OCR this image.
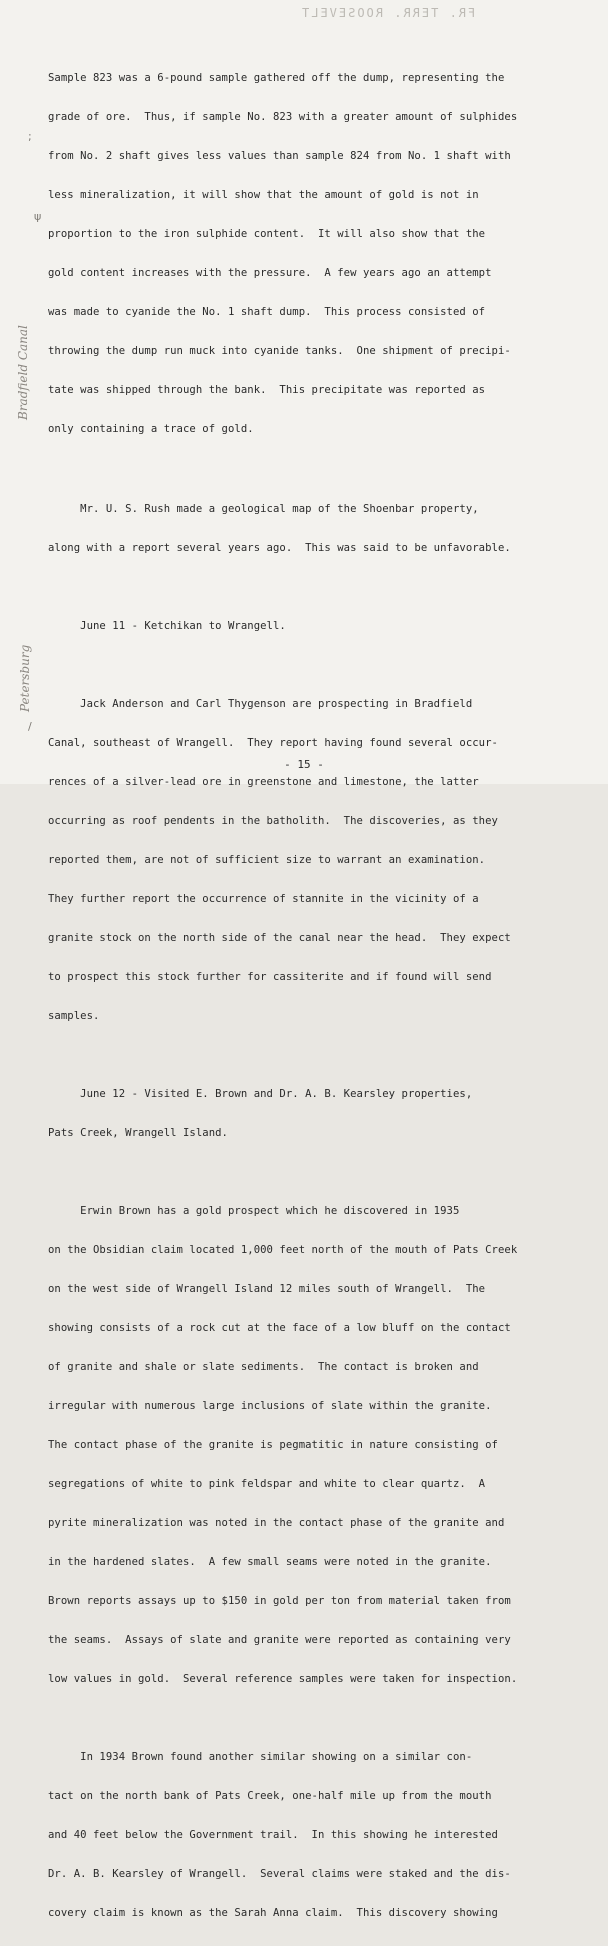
FR. TERR. ROOSEVELT

Sample 823 was a 6-pound sample gathered off the dump, representing the

grade of ore.  Thus, if sample No. 823 with a greater amount of sulphides

from No. 2 shaft gives less values than sample 824 from No. 1 shaft with

less mineralization, it will show that the amount of gold is not in

proportion to the iron sulphide content.  It will also show that the

gold content increases with the pressure.  A few years ago an attempt

was made to cyanide the No. 1 shaft dump.  This process consisted of

throwing the dump run muck into cyanide tanks.  One shipment of precipi-

tate was shipped through the bank.  This precipitate was reported as

only containing a trace of gold.

Mr. U. S. Rush made a geological map of the Shoenbar property,

along with a report several years ago.  This was said to be unfavorable.

June 11 - Ketchikan to Wrangell.

Jack Anderson and Carl Thygenson are prospecting in Bradfield

Canal, southeast of Wrangell.  They report having found several occur-

rences of a silver-lead ore in greenstone and limestone, the latter

occurring as roof pendents in the batholith.  The discoveries, as they

reported them, are not of sufficient size to warrant an examination.

They further report the occurrence of stannite in the vicinity of a

granite stock on the north side of the canal near the head.  They expect

to prospect this stock further for cassiterite and if found will send

samples.

June 12 - Visited E. Brown and Dr. A. B. Kearsley properties,

Pats Creek, Wrangell Island.

Erwin Brown has a gold prospect which he discovered in 1935

on the Obsidian claim located 1,000 feet north of the mouth of Pats Creek

on the west side of Wrangell Island 12 miles south of Wrangell.  The

showing consists of a rock cut at the face of a low bluff on the contact

of granite and shale or slate sediments.  The contact is broken and

irregular with numerous large inclusions of slate within the granite.

The contact phase of the granite is pegmatitic in nature consisting of

segregations of white to pink feldspar and white to clear quartz.  A

pyrite mineralization was noted in the contact phase of the granite and

in the hardened slates.  A few small seams were noted in the granite.

Brown reports assays up to $150 in gold per ton from material taken from

the seams.  Assays of slate and granite were reported as containing very

low values in gold.  Several reference samples were taken for inspection.

In 1934 Brown found another similar showing on a similar con-

tact on the north bank of Pats Creek, one-half mile up from the mouth

and 40 feet below the Government trail.  In this showing he interested

Dr. A. B. Kearsley of Wrangell.  Several claims were staked and the dis-

covery claim is known as the Sarah Anna claim.  This discovery showing

Bradfield Canal
Petersburg
ψ
;
/
- 15 -
